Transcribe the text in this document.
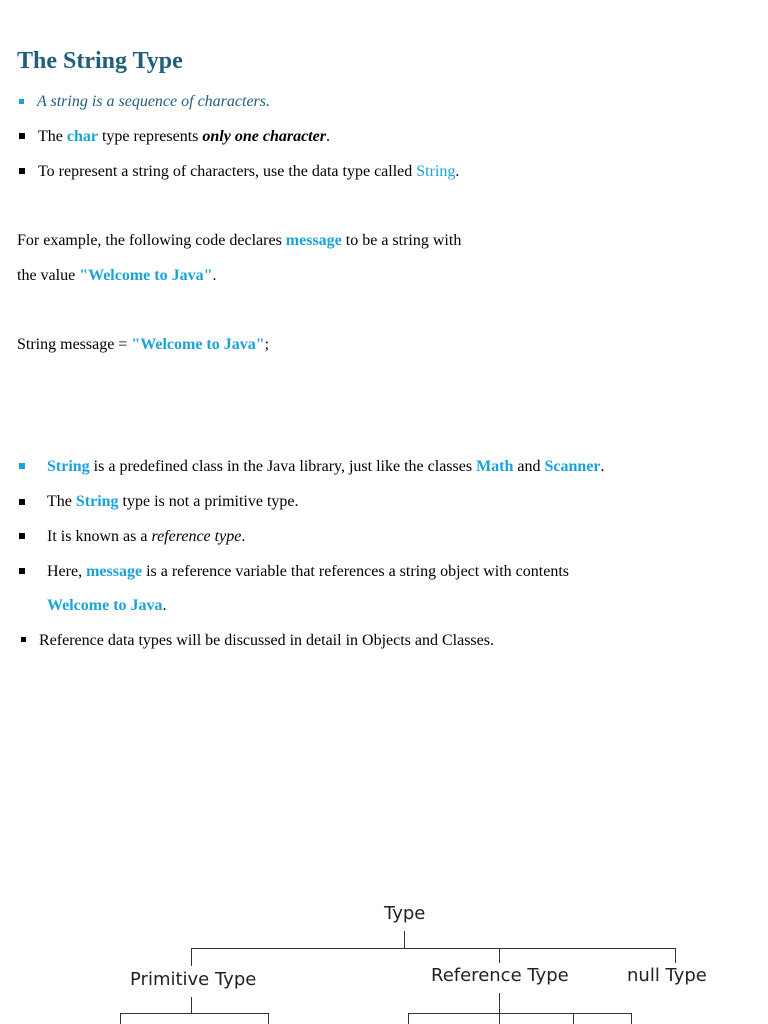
The String Type
A string is a sequence of characters.
The char type represents only one character.
To represent a string of characters, use the data type called String.
For example, the following code declares message to be a string with
the value "Welcome to Java".
String message = "Welcome to Java";
String is a predefined class in the Java library, just like the classes Math and Scanner.
The String type is not a primitive type.
It is known as a reference type.
Here, message is a reference variable that references a string object with contents
Welcome to Java.
Reference data types will be discussed in detail in Objects and Classes.
Type
Primitive Type	Reference Type	null Type
